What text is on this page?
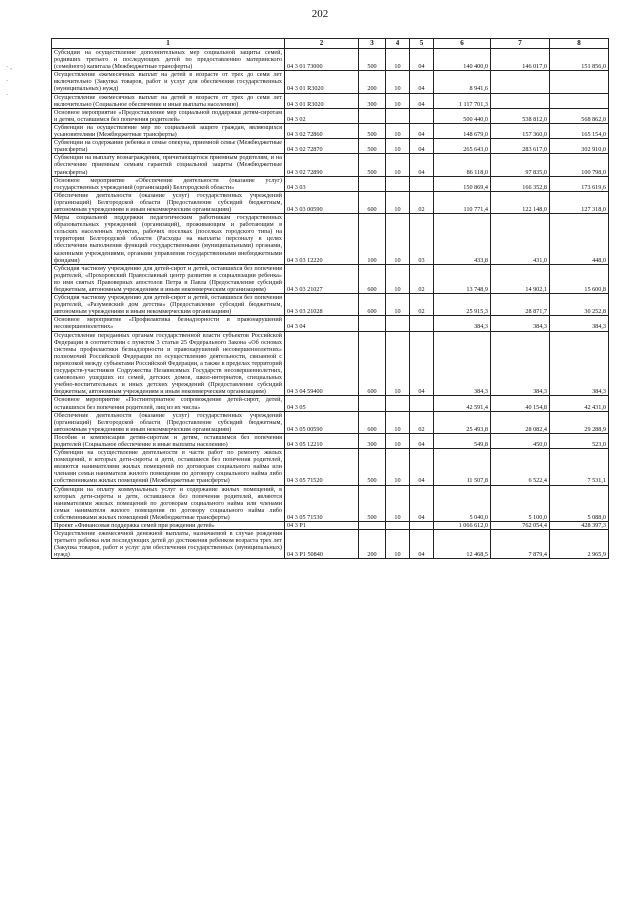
202
· ,
·
·
1	2	3	4	5	6	7	8
Субсидии на осуществление дополнительных мер социальной защиты семей, родивших третьего и последующих детей по предоставлению материнского (семейного) капитала (Межбюджетные трансферты)	04 3 01 73000	500	10	04	140 400,0	146 017,0	151 856,0
Осуществление ежемесячных выплат на детей в возрасте от трех до семи лет включительно (Закупка товаров, работ и услуг для обеспечения государственных (муниципальных) нужд)	04 3 01 R3020	200	10	04	8 941,6		
Осуществление ежемесячных выплат на детей в возрасте от трех до семи лет включительно (Социальное обеспечение и иные выплаты населению)	04 3 01 R3020	300	10	04	1 117 701,3		
Основное мероприятие «Предоставление мер социальной поддержки детям-сиротам и детям, оставшимся без попечения родителей»	04 3 02				500 440,0	538 812,0	568 862,0
Субвенции на осуществление мер по социальной защите граждан, являющихся усыновителями (Межбюджетные трансферты)	04 3 02 72860	500	10	04	148 679,0	157 360,0	165 154,0
Субвенции на содержание ребенка в семье опекуна, приемной семье (Межбюджетные трансферты)	04 3 02 72870	500	10	04	265 643,0	283 617,0	302 910,0
Субвенции на выплату вознаграждения, причитающегося приемным родителям, и на обеспечение приемным семьям гарантий социальной защиты (Межбюджетные трансферты)	04 3 02 72890	500	10	04	86 118,0	97 835,0	100 798,0
Основное мероприятие «Обеспечение деятельности (оказание услуг) государственных учреждений (организаций) Белгородской области»	04 3 03				150 869,4	166 352,8	173 619,6
Обеспечение деятельности (оказание услуг) государственных учреждений (организаций) Белгородской области (Предоставление субсидий бюджетным, автономным учреждениям и иным некоммерческим организациям)	04 3 03 00590	600	10	02	110 771,4	122 148,0	127 318,0
Меры социальной поддержки педагогическим работникам государственных образовательных учреждений (организаций), проживающим и работающим в сельских населенных пунктах, рабочих поселках (поселках городского типа) на территории Белгородской области (Расходы на выплаты персоналу в целях обеспечения выполнения функций государственными (муниципальными) органами, казенными учреждениями, органами управления государственными внебюджетными фондами)	04 3 03 12220	100	10	03	433,8	431,0	448,0
Субсидия частному учреждению для детей-сирот и детей, оставшихся без попечения родителей, «Прохоровский Православный центр развития и социализации ребенка» во имя святых Правоверных апостолов Петра и Павла (Предоставление субсидий бюджетным, автономным учреждениям и иным некоммерческим организациям)	04 3 03 21027	600	10	02	13 748,9	14 902,1	15 600,8
Субсидия частному учреждению для детей-сирот и детей, оставшихся без попечения родителей, «Разумевский дом детства» (Предоставление субсидий бюджетным, автономным учреждениям и иным некоммерческим организациям)	04 3 03 21028	600	10	02	25 915,3	28 871,7	30 252,8
Основное мероприятие «Профилактика безнадзорности и правонарушений несовершеннолетних»	04 3 04				384,3	384,3	384,3
Осуществление переданных органам государственной власти субъектов Российской Федерации в соответствии с пунктом 3 статьи 25 Федерального Закона «Об основах системы профилактики безнадзорности и правонарушений несовершеннолетних» полномочий Российской Федерации по осуществлению деятельности, связанной с перевозкой между субъектами Российской Федерации, а также в пределах территорий государств-участников Содружества Независимых Государств несовершеннолетних, самовольно ушедших из семей, детских домов, школ-интернатов, специальных учебно-воспитательных и иных детских учреждений (Предоставление субсидий бюджетным, автономным учреждениям и иным некоммерческим организациям)	04 3 04 59400	600	10	04	384,3	384,3	384,3
Основное мероприятие «Постинтернатное сопровождение детей-сирот, детей, оставшихся без попечения родителей, лиц из их числа»	04 3 05				42 591,4	40 154,8	42 431,0
Обеспечение деятельности (оказание услуг) государственных учреждений (организаций) Белгородской области (Предоставление субсидий бюджетным, автономным учреждениям и иным некоммерческим организациям)	04 3 05 00590	600	10	02	25 493,8	28 082,4	29 288,9
Пособия и компенсации детям-сиротам и детям, оставшимся без попечения родителей (Социальное обеспечение и иные выплаты населению)	04 3 05 12210	300	10	04	549,8	450,0	523,0
Субвенции на осуществление деятельности в части работ по ремонту жилых помещений, в которых дети-сироты и дети, оставшиеся без попечения родителей, являются нанимателями жилых помещений по договорам социального найма или членами семьи нанимателя жилого помещения по договору социального найма либо собственниками жилых помещений (Межбюджетные трансферты)	04 3 05 71520	500	10	04	11 507,8	6 522,4	7 531,1
Субвенции на оплату коммунальных услуг и содержание жилых помещений, в которых дети-сироты и дети, оставшиеся без попечения родителей, являются нанимателями жилых помещений по договорам социального найма или членами семьи нанимателя жилого помещения по договору социального найма либо собственниками жилых помещений (Межбюджетные трансферты)	04 3 05 71530	500	10	04	5 040,0	5 100,0	5 088,0
Проект «Финансовая поддержка семей при рождении детей»	04 3 P1				1 066 612,0	762 054,4	428 397,3
Осуществление ежемесячной денежной выплаты, назначаемой в случае рождения третьего ребенка или последующих детей до достижения ребенком возраста трех лет (Закупка товаров, работ и услуг для обеспечения государственных (муниципальных) нужд)	04 3 P1 50840	200	10	04	12 468,5	7 879,4	2 965,9
